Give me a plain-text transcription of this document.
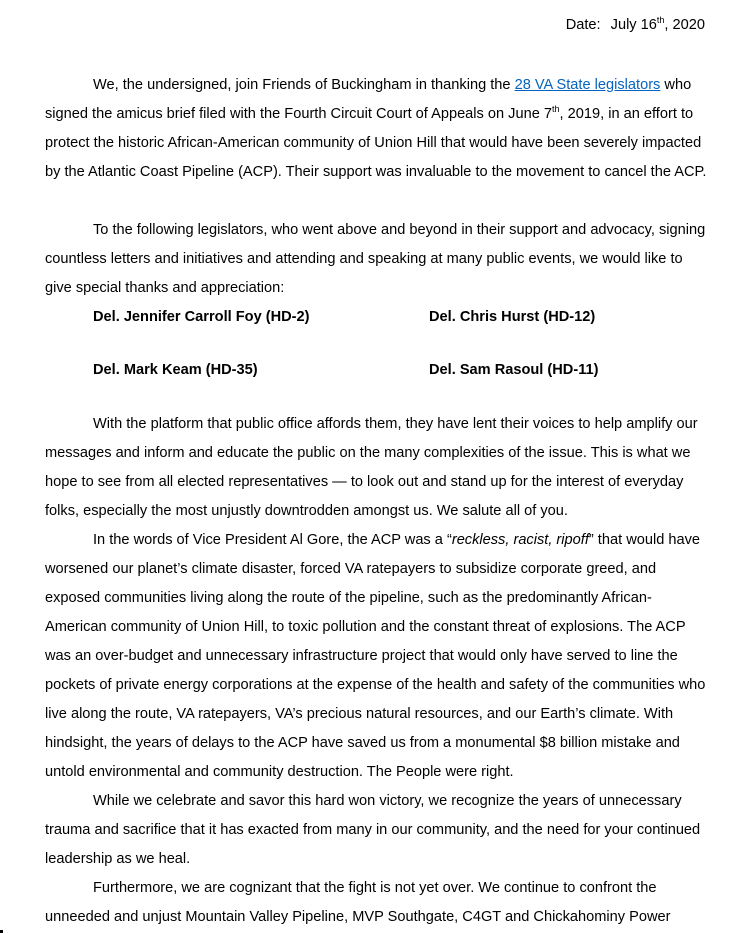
Date: July 16th, 2020

We, the undersigned, join Friends of Buckingham in thanking the 28 VA State legislators who signed the amicus brief filed with the Fourth Circuit Court of Appeals on June 7th, 2019, in an effort to protect the historic African-American community of Union Hill that would have been severely impacted by the Atlantic Coast Pipeline (ACP). Their support was invaluable to the movement to cancel the ACP.

To the following legislators, who went above and beyond in their support and advocacy, signing countless letters and initiatives and attending and speaking at many public events, we would like to give special thanks and appreciation:

Del. Jennifer Carroll Foy (HD-2)	Del. Chris Hurst (HD-12)
Del. Mark Keam (HD-35)	Del. Sam Rasoul (HD-11)

With the platform that public office affords them, they have lent their voices to help amplify our messages and inform and educate the public on the many complexities of the issue. This is what we hope to see from all elected representatives — to look out and stand up for the interest of everyday folks, especially the most unjustly downtrodden amongst us. We salute all of you.

In the words of Vice President Al Gore, the ACP was a “reckless, racist, ripoff” that would have worsened our planet’s climate disaster, forced VA ratepayers to subsidize corporate greed, and exposed communities living along the route of the pipeline, such as the predominantly African-American community of Union Hill, to toxic pollution and the constant threat of explosions. The ACP was an over-budget and unnecessary infrastructure project that would only have served to line the pockets of private energy corporations at the expense of the health and safety of the communities who live along the route, VA ratepayers, VA’s precious natural resources, and our Earth’s climate. With hindsight, the years of delays to the ACP have saved us from a monumental $8 billion mistake and untold environmental and community destruction. The People were right.

While we celebrate and savor this hard won victory, we recognize the years of unnecessary trauma and sacrifice that it has exacted from many in our community, and the need for your continued leadership as we heal.

Furthermore, we are cognizant that the fight is not yet over. We continue to confront the unneeded and unjust Mountain Valley Pipeline, MVP Southgate, C4GT and Chickahominy Power
